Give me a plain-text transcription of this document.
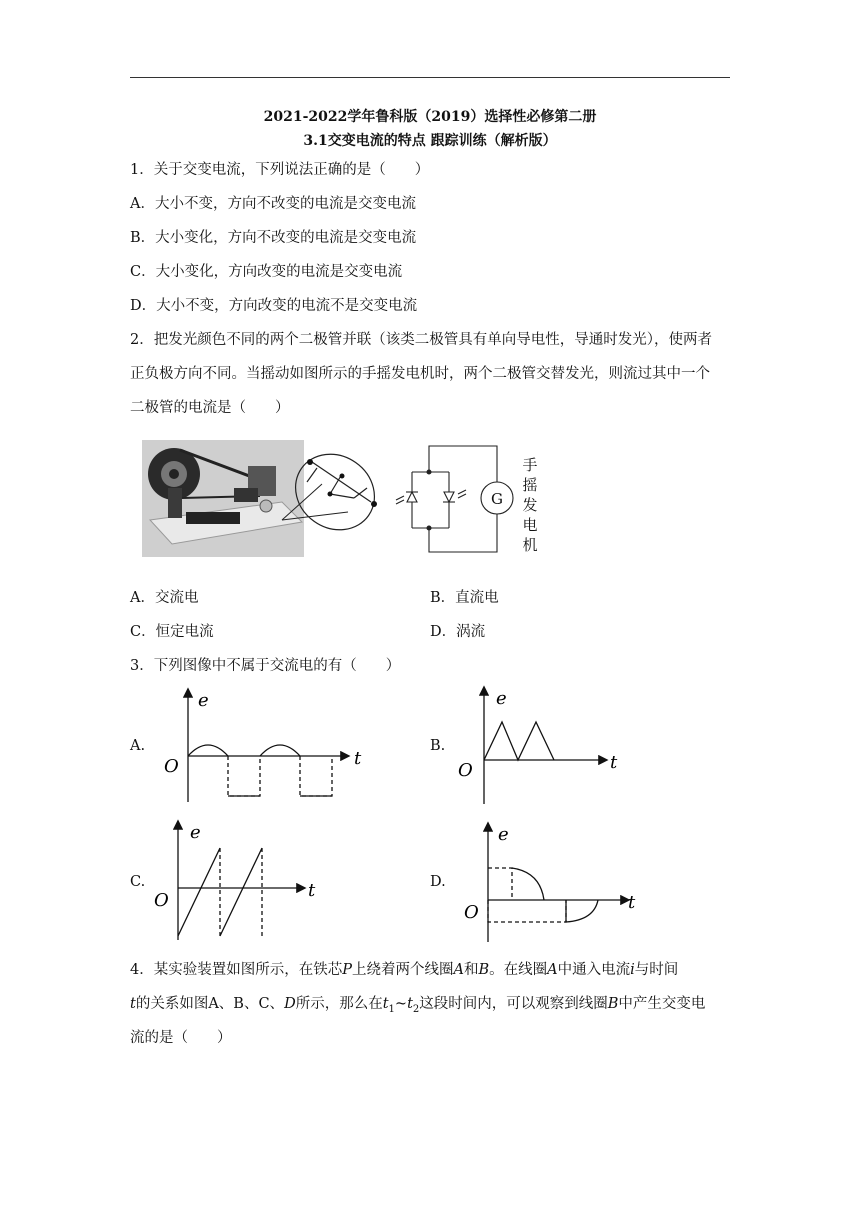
2021-2022学年鲁科版（2019）选择性必修第二册
3.1交变电流的特点 跟踪训练（解析版）
1．关于交变电流，下列说法正确的是（　　）
A．大小不变，方向不改变的电流是交变电流
B．大小变化，方向不改变的电流是交变电流
C．大小变化，方向改变的电流是交变电流
D．大小不变，方向改变的电流不是交变电流
2．把发光颜色不同的两个二极管并联（该类二极管具有单向导电性，导通时发光），使两者
正负极方向不同。当摇动如图所示的手摇发电机时，两个二极管交替发光，则流过其中一个
二极管的电流是（　　）
G
手
摇
发
电
机
A．交流电	B．直流电
C．恒定电流	D．涡流
3．下列图像中不属于交流电的有（　　）
A.
e
t
O
B.
e
t
O
C.
e
t
O
D.
e
t
O
4．某实验装置如图所示，在铁芯P上绕着两个线圈A和B。在线圈A中通入电流i与时间
t的关系如图A、B、C、D所示，那么在$t_1\sim t_2$这段时间内，可以观察到线圈B中产生交变电
流的是（　　）
